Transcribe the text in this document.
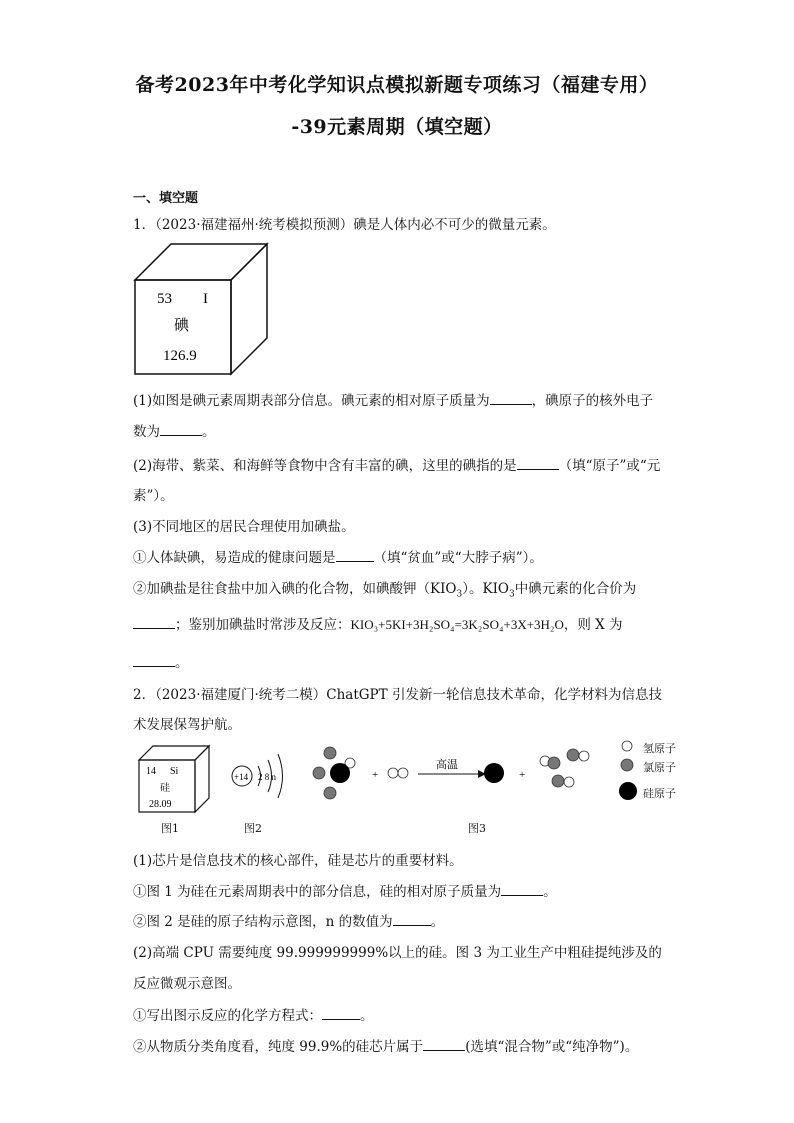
备考2023年中考化学知识点模拟新题专项练习（福建专用）
-39元素周期（填空题）
一、填空题
1．（2023·福建福州·统考模拟预测）碘是人体内必不可少的微量元素。
53 I
碘
126.9
(1)如图是碘元素周期表部分信息。碘元素的相对原子质量为	，碘原子的核外电子
数为	。
(2)海带、紫菜、和海鲜等食物中含有丰富的碘，这里的碘指的是	（填“原子”或“元
素”）。
(3)不同地区的居民合理使用加碘盐。
①人体缺碘，易造成的健康问题是	（填“贫血”或“大脖子病”）。
②加碘盐是往食盐中加入碘的化合物，如碘酸钾$(KIO_3)$。$KIO_3$中碘元素的化合价为
；鉴别加碘盐时常涉及反应：KIO₃+5KI+3H₂SO₄=3K₂SO₄+3X+3H₂O，则 X 为
。
2．（2023·福建厦门·统考二模）ChatGPT 引发新一轮信息技术革命，化学材料为信息技
术发展保驾护航。
14 Si
硅
28.09
图1
+14 2 8 n
图2
+
高温
+
图3
氢原子
氯原子
硅原子
(1)芯片是信息技术的核心部件，硅是芯片的重要材料。
①图 1 为硅在元素周期表中的部分信息，硅的相对原子质量为	。
②图 2 是硅的原子结构示意图，n 的数值为	。
(2)高端 CPU 需要纯度 99.999999999%以上的硅。图 3 为工业生产中粗硅提纯涉及的
反应微观示意图。
①写出图示反应的化学方程式：	。
②从物质分类角度看，纯度 99.9%的硅芯片属于	(选填“混合物”或“纯净物”)。
